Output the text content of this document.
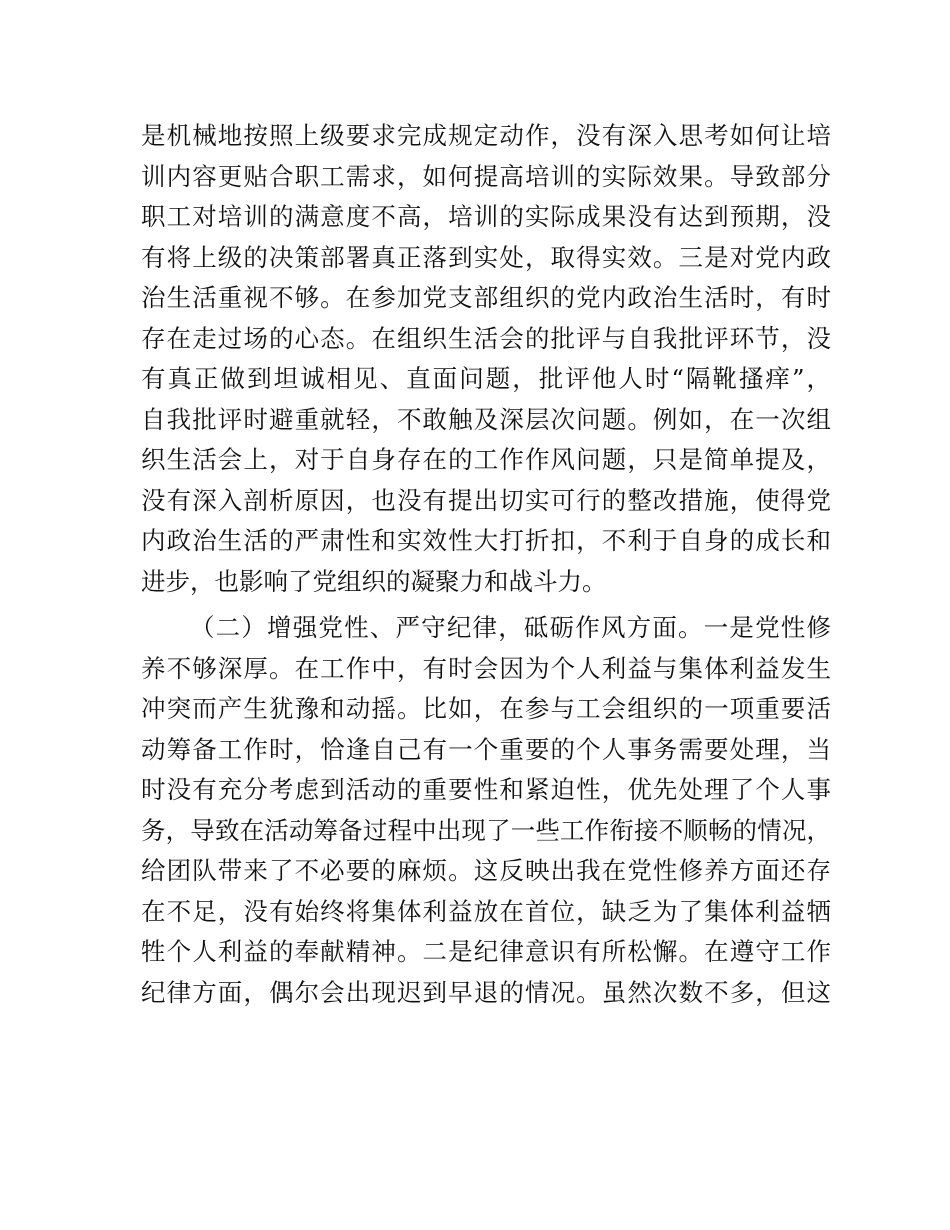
是机械地按照上级要求完成规定动作，没有深入思考如何让培
训内容更贴合职工需求，如何提高培训的实际效果。导致部分
职工对培训的满意度不高，培训的实际成果没有达到预期，没
有将上级的决策部署真正落到实处，取得实效。三是对党内政
治生活重视不够。在参加党支部组织的党内政治生活时，有时
存在走过场的心态。在组织生活会的批评与自我批评环节，没
有真正做到坦诚相见、直面问题，批评他人时“隔靴搔痒”，
自我批评时避重就轻，不敢触及深层次问题。例如，在一次组
织生活会上，对于自身存在的工作作风问题，只是简单提及，
没有深入剖析原因，也没有提出切实可行的整改措施，使得党
内政治生活的严肃性和实效性大打折扣，不利于自身的成长和
进步，也影响了党组织的凝聚力和战斗力。
（二）增强党性、严守纪律，砥砺作风方面。一是党性修
养不够深厚。在工作中，有时会因为个人利益与集体利益发生
冲突而产生犹豫和动摇。比如，在参与工会组织的一项重要活
动筹备工作时，恰逢自己有一个重要的个人事务需要处理，当
时没有充分考虑到活动的重要性和紧迫性，优先处理了个人事
务，导致在活动筹备过程中出现了一些工作衔接不顺畅的情况，
给团队带来了不必要的麻烦。这反映出我在党性修养方面还存
在不足，没有始终将集体利益放在首位，缺乏为了集体利益牺
牲个人利益的奉献精神。二是纪律意识有所松懈。在遵守工作
纪律方面，偶尔会出现迟到早退的情况。虽然次数不多，但这
